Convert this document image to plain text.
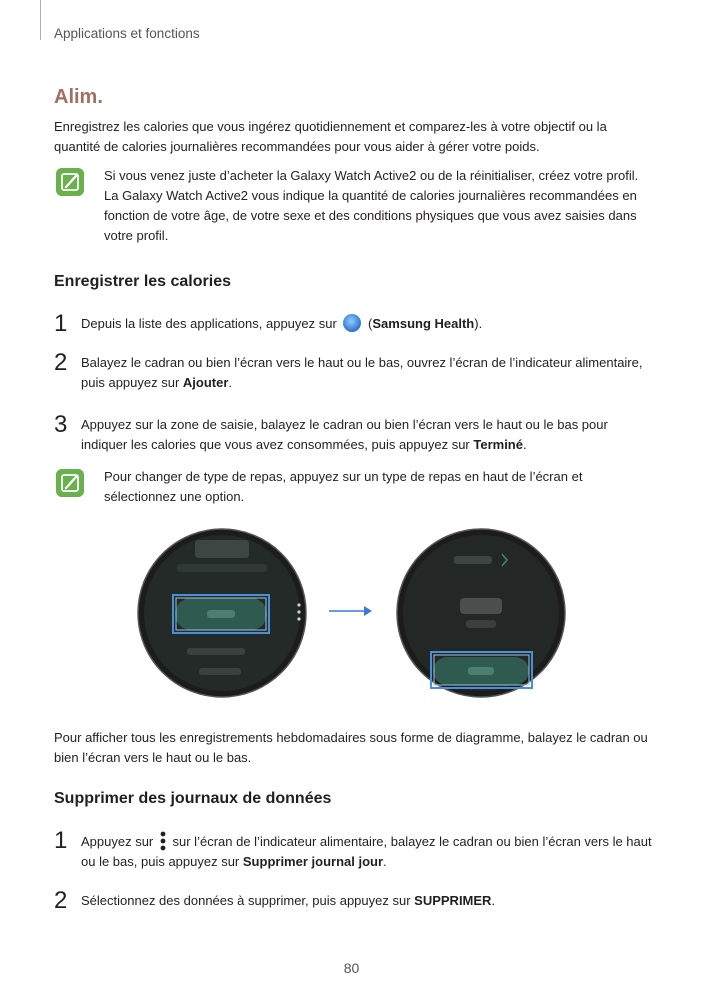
Applications et fonctions
Alim.
Enregistrez les calories que vous ingérez quotidiennement et comparez-les à votre objectif ou la quantité de calories journalières recommandées pour vous aider à gérer votre poids.
Si vous venez juste d’acheter la Galaxy Watch Active2 ou de la réinitialiser, créez votre profil. La Galaxy Watch Active2 vous indique la quantité de calories journalières recommandées en fonction de votre âge, de votre sexe et des conditions physiques que vous avez saisies dans votre profil.
Enregistrer les calories
1 Depuis la liste des applications, appuyez sur  (Samsung Health).
2 Balayez le cadran ou bien l’écran vers le haut ou le bas, ouvrez l’écran de l’indicateur alimentaire, puis appuyez sur Ajouter.
3 Appuyez sur la zone de saisie, balayez le cadran ou bien l’écran vers le haut ou le bas pour indiquer les calories que vous avez consommées, puis appuyez sur Terminé.
Pour changer de type de repas, appuyez sur un type de repas en haut de l’écran et sélectionnez une option.
Pour afficher tous les enregistrements hebdomadaires sous forme de diagramme, balayez le cadran ou bien l’écran vers le haut ou le bas.
Supprimer des journaux de données
1 Appuyez sur sur l’écran de l’indicateur alimentaire, balayez le cadran ou bien l’écran vers le haut ou le bas, puis appuyez sur Supprimer journal jour.
2 Sélectionnez des données à supprimer, puis appuyez sur SUPPRIMER.
80
